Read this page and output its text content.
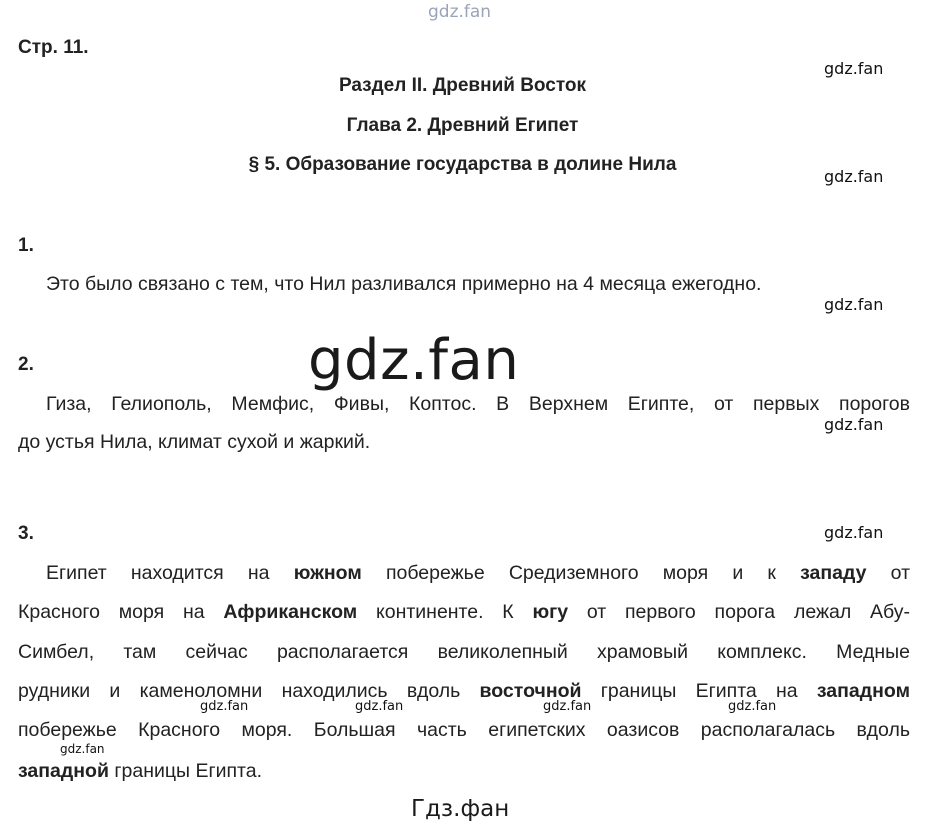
gdz.fan
gdz.fan
gdz.fan
gdz.fan
gdz.fan
gdz.fan
gdz.fan
Стр. 11.
Раздел II. Древний Восток
Глава 2. Древний Египет
§ 5. Образование государства в долине Нила
1.
Это было связано с тем, что Нил разливался примерно на 4 месяца ежегодно.
2.
Гиза, Гелиополь, Мемфис, Фивы, Коптос. В Верхнем Египте, от первых порогов
до устья Нила, климат сухой и жаркий.
3.
Египет находится на южном побережье Средиземного моря и к западу от
Красного моря на Африканском континенте. К югу от первого порога лежал Абу-
Симбел, там сейчас располагается великолепный храмовый комплекс. Медные
рудники и каменоломни находились вдоль восточной границы Египта на западном
gdz.fan	gdz.fan	gdz.fan	gdz.fan
побережье Красного моря. Большая часть египетских оазисов располагалась вдоль
gdz.fan
западной границы Египта.
Гдз.фан
